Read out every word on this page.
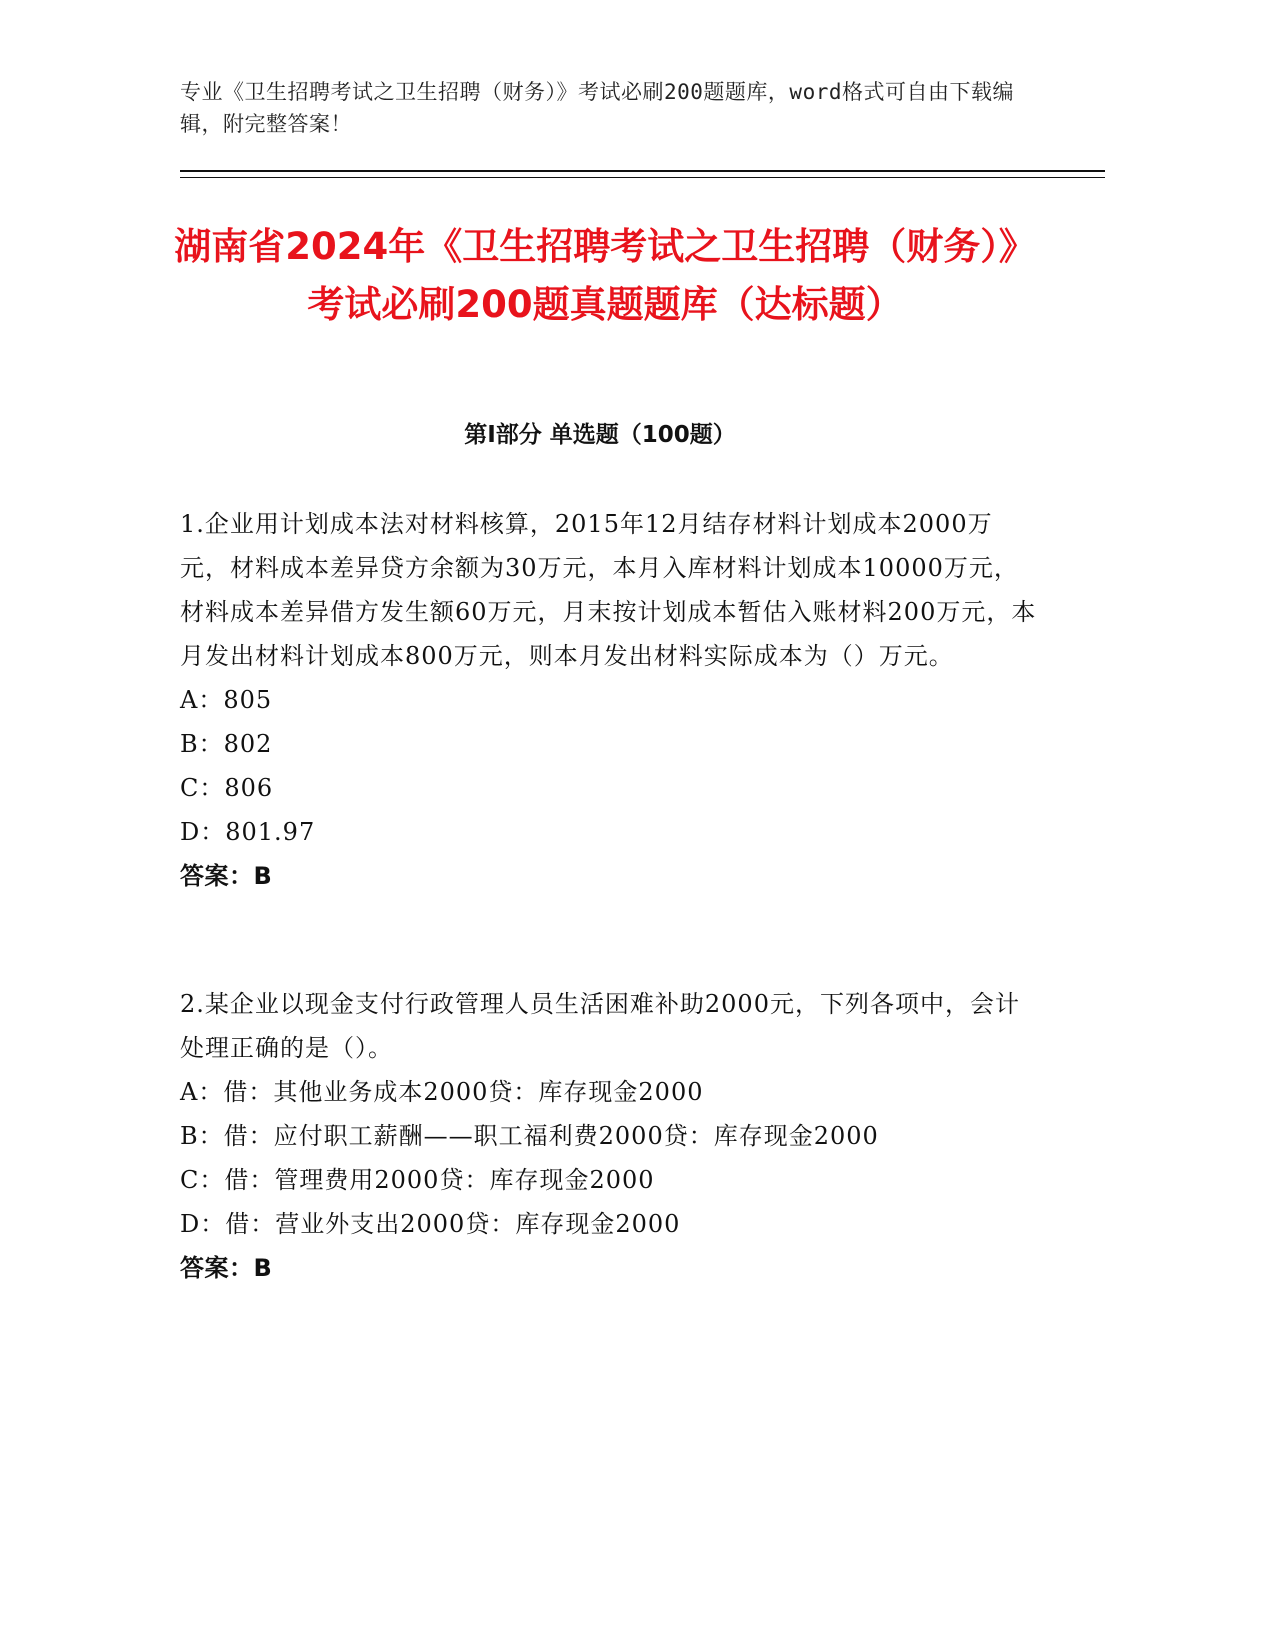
专业《卫生招聘考试之卫生招聘（财务）》考试必刷200题题库，word格式可自由下载编辑，附完整答案！
湖南省2024年《卫生招聘考试之卫生招聘（财务）》考试必刷200题真题题库（达标题）
第I部分 单选题（100题）

1.企业用计划成本法对材料核算，2015年12月结存材料计划成本2000万元，材料成本差异贷方余额为30万元，本月入库材料计划成本10000万元，材料成本差异借方发生额60万元，月末按计划成本暂估入账材料200万元，本月发出材料计划成本800万元，则本月发出材料实际成本为（）万元。

A：805

B：802

C：806

D：801.97

答案：B

2.某企业以现金支付行政管理人员生活困难补助2000元，下列各项中，会计处理正确的是（）。

A：借：其他业务成本2000贷：库存现金2000

B：借：应付职工薪酬——职工福利费2000贷：库存现金2000

C：借：管理费用2000贷：库存现金2000

D：借：营业外支出2000贷：库存现金2000

答案：B
